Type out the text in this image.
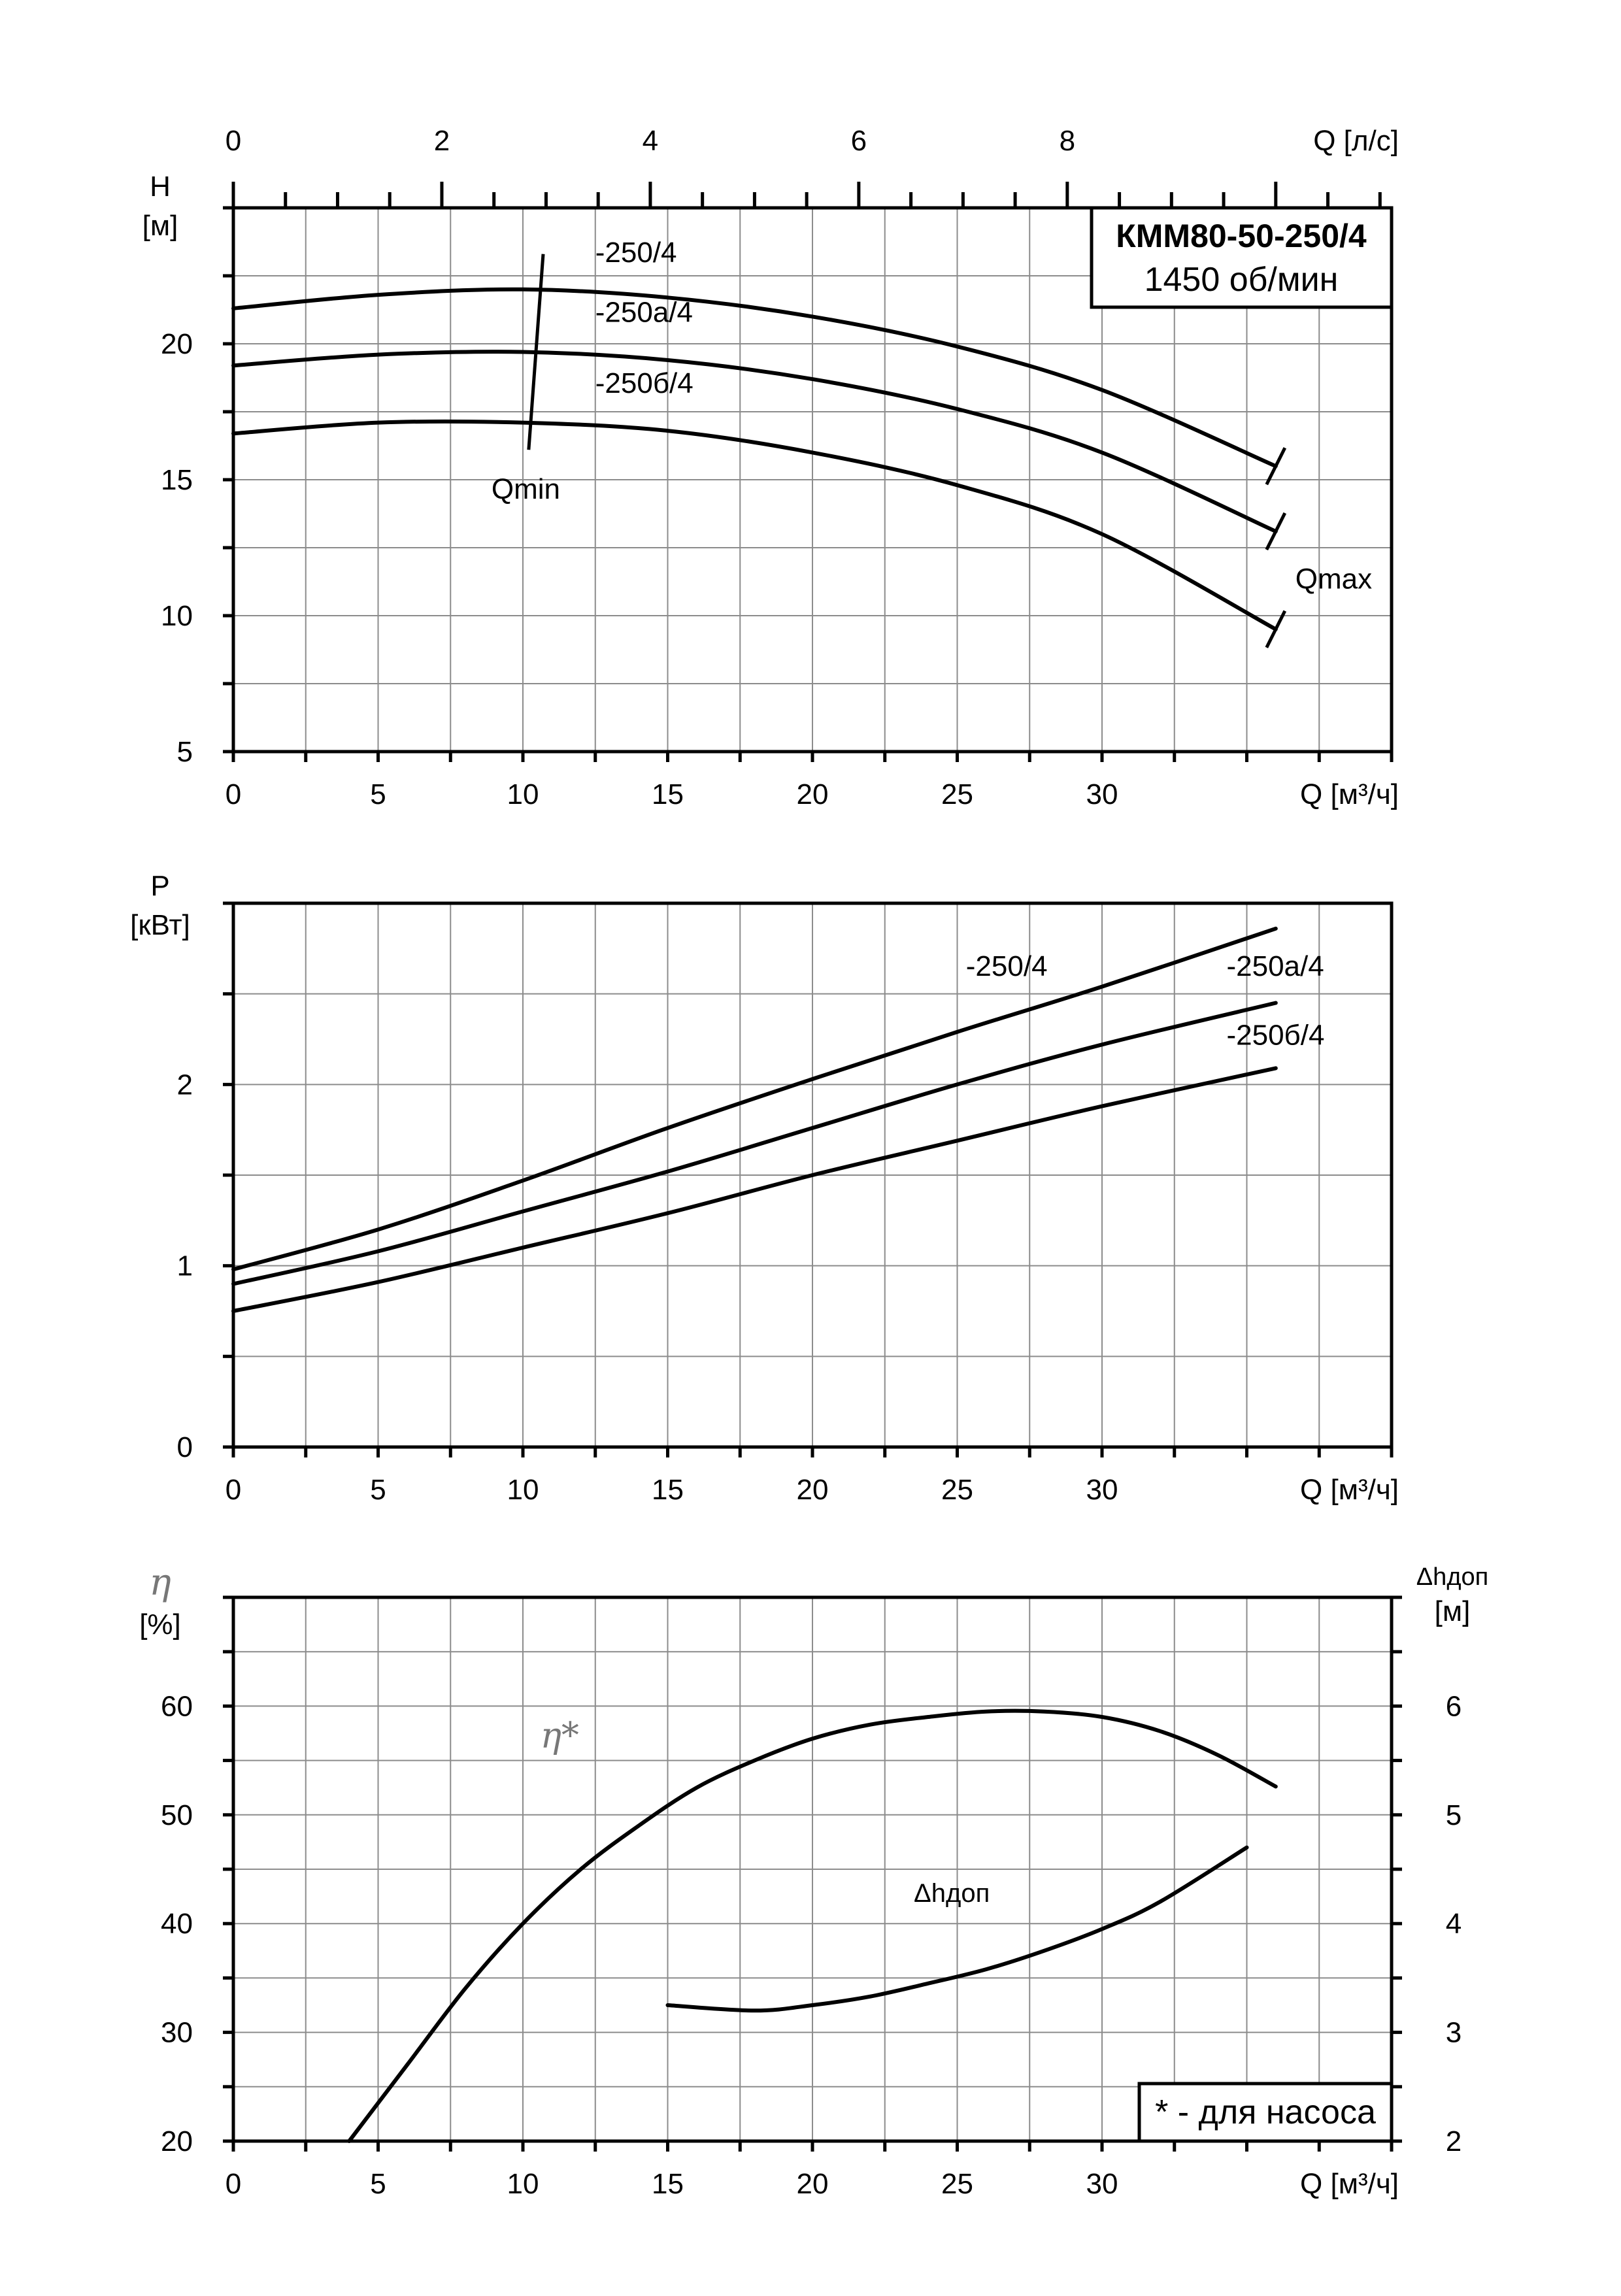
0	5	10	15	20	25	30
5
10
15
20
Q [м³/ч]
0	2	4	6	8	Q [л/с]
H
[м]
Qmin
Qmax
-250/4
-250а/4
-250б/4
КММ80-50-250/4
1450 об/мин
0	5	10	15	20	25	30
0
1
2
Q [м³/ч]
P
[кВт]
-250/4	-250а/4
-250б/4
0	5	10	15	20	25	30
20
30
40
50
60
Q [м³/ч]
2
3
4
5
6
η
[%]
Δhдоп
[м]
η*
Δhдоп
* - для насоса
